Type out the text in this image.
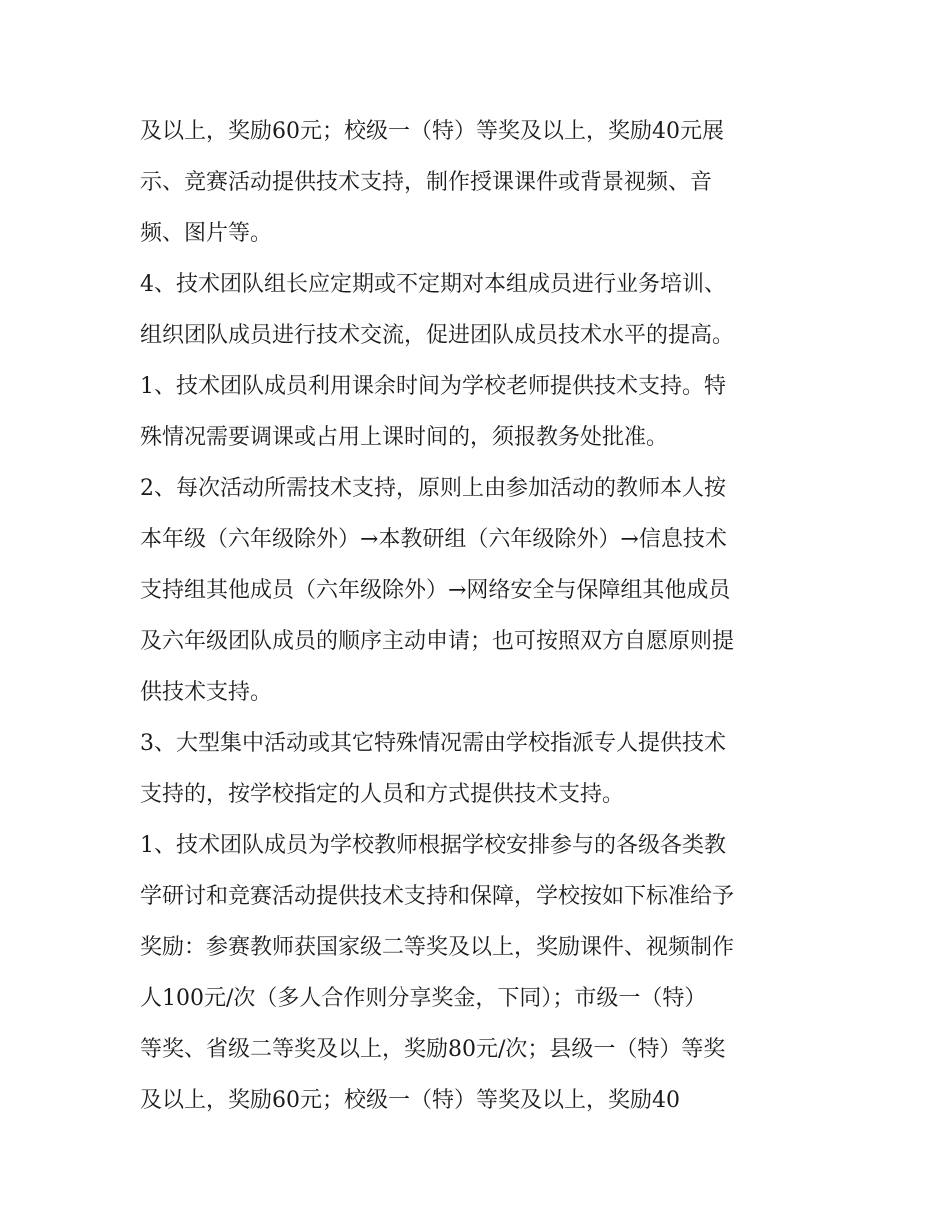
及以上，奖励60元；校级一（特）等奖及以上，奖励40元展
示、竞赛活动提供技术支持，制作授课课件或背景视频、音
频、图片等。
4、技术团队组长应定期或不定期对本组成员进行业务培训、
组织团队成员进行技术交流，促进团队成员技术水平的提高。
1、技术团队成员利用课余时间为学校老师提供技术支持。特
殊情况需要调课或占用上课时间的，须报教务处批准。
2、每次活动所需技术支持，原则上由参加活动的教师本人按
本年级（六年级除外）→本教研组（六年级除外）→信息技术
支持组其他成员（六年级除外）→网络安全与保障组其他成员
及六年级团队成员的顺序主动申请；也可按照双方自愿原则提
供技术支持。
3、大型集中活动或其它特殊情况需由学校指派专人提供技术
支持的，按学校指定的人员和方式提供技术支持。
1、技术团队成员为学校教师根据学校安排参与的各级各类教
学研讨和竞赛活动提供技术支持和保障，学校按如下标准给予
奖励：参赛教师获国家级二等奖及以上，奖励课件、视频制作
人100元/次（多人合作则分享奖金，下同）；市级一（特）
等奖、省级二等奖及以上，奖励80元/次；县级一（特）等奖
及以上，奖励60元；校级一（特）等奖及以上，奖励40
